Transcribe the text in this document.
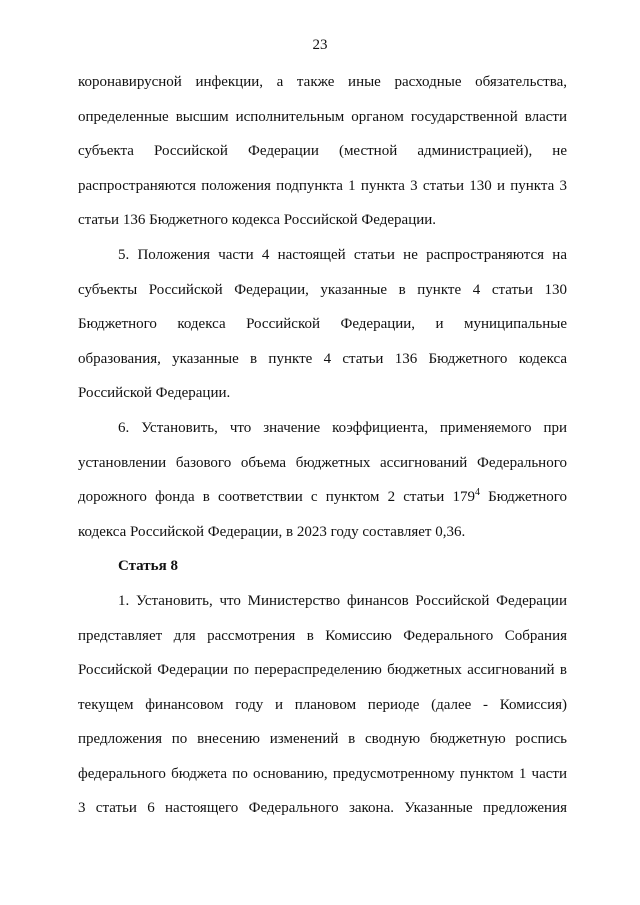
23

коронавирусной инфекции, а также иные расходные обязательства,
определенные высшим исполнительным органом государственной власти
субъекта Российской Федерации (местной администрацией), не
распространяются положения подпункта 1 пункта 3 статьи 130 и пункта 3
статьи 136 Бюджетного кодекса Российской Федерации.

5. Положения части 4 настоящей статьи не распространяются на
субъекты Российской Федерации, указанные в пункте 4 статьи 130
Бюджетного кодекса Российской Федерации, и муниципальные
образования, указанные в пункте 4 статьи 136 Бюджетного кодекса
Российской Федерации.

6. Установить, что значение коэффициента, применяемого при
установлении базового объема бюджетных ассигнований Федерального
дорожного фонда в соответствии с пунктом 2 статьи $179^4$ Бюджетного
кодекса Российской Федерации, в 2023 году составляет 0,36.

Статья 8

1. Установить, что Министерство финансов Российской Федерации
представляет для рассмотрения в Комиссию Федерального Собрания
Российской Федерации по перераспределению бюджетных ассигнований в
текущем финансовом году и плановом периоде (далее - Комиссия)
предложения по внесению изменений в сводную бюджетную роспись
федерального бюджета по основанию, предусмотренному пунктом 1 части
3 статьи 6 настоящего Федерального закона. Указанные предложения
